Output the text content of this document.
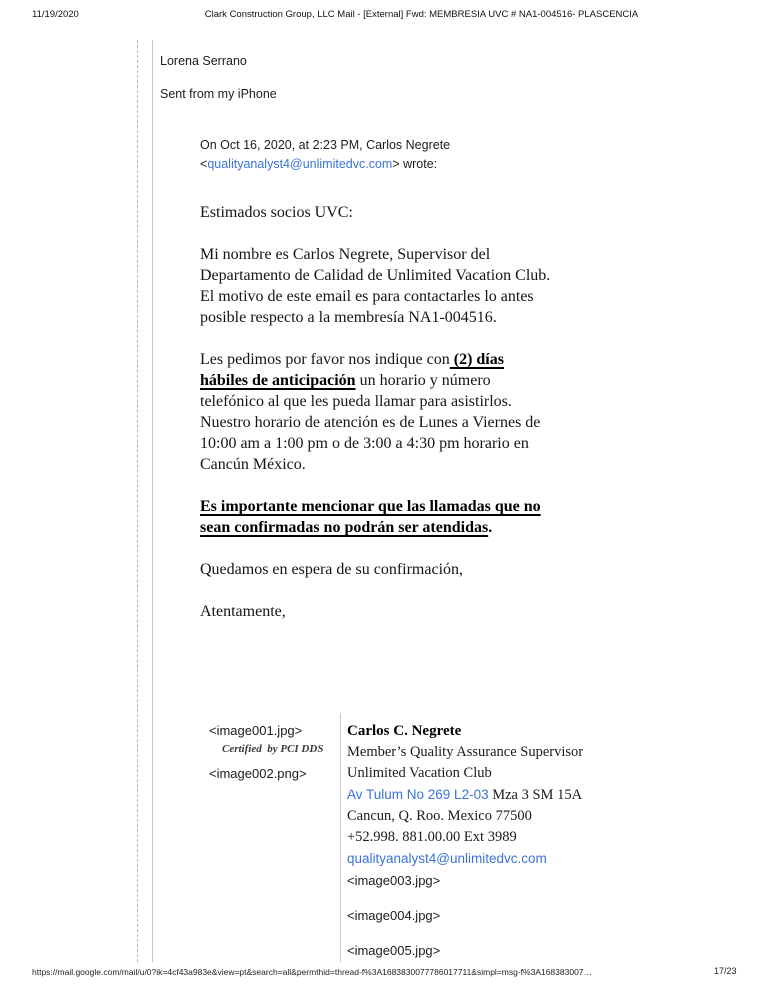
11/19/2020	Clark Construction Group, LLC Mail - [External] Fwd: MEMBRESIA UVC # NA1-004516- PLASCENCIA
Lorena Serrano
Sent from my iPhone
On Oct 16, 2020, at 2:23 PM, Carlos Negrete
<qualityanalyst4@unlimitedvc.com> wrote:

Estimados socios UVC:

Mi nombre es Carlos Negrete, Supervisor del
Departamento de Calidad de Unlimited Vacation Club.
El motivo de este email es para contactarles lo antes
posible respecto a la membresía NA1-004516.

Les pedimos por favor nos indique con (2) días
hábiles de anticipación un horario y número
telefónico al que les pueda llamar para asistirlos.
Nuestro horario de atención es de Lunes a Viernes de
10:00 am a 1:00 pm o de 3:00 a 4:30 pm horario en
Cancún México.

Es importante mencionar que las llamadas que no
sean confirmadas no podrán ser atendidas.

Quedamos en espera de su confirmación,

Atentamente,

<image001.jpg>
Certified  by PCI DDS
<image002.png>
Carlos C. Negrete
Member’s Quality Assurance Supervisor
Unlimited Vacation Club
Av Tulum No 269 L2-03 Mza 3 SM 15A
Cancun, Q. Roo. Mexico 77500
+52.998. 881.00.00 Ext 3989
qualityanalyst4@unlimitedvc.com
<image003.jpg>
<image004.jpg>
<image005.jpg>
https://mail.google.com/mail/u/0?ik=4cf43a983e&view=pt&search=all&permthid=thread-f%3A1683830077786017711&simpl=msg-f%3A168383007…	17/23
